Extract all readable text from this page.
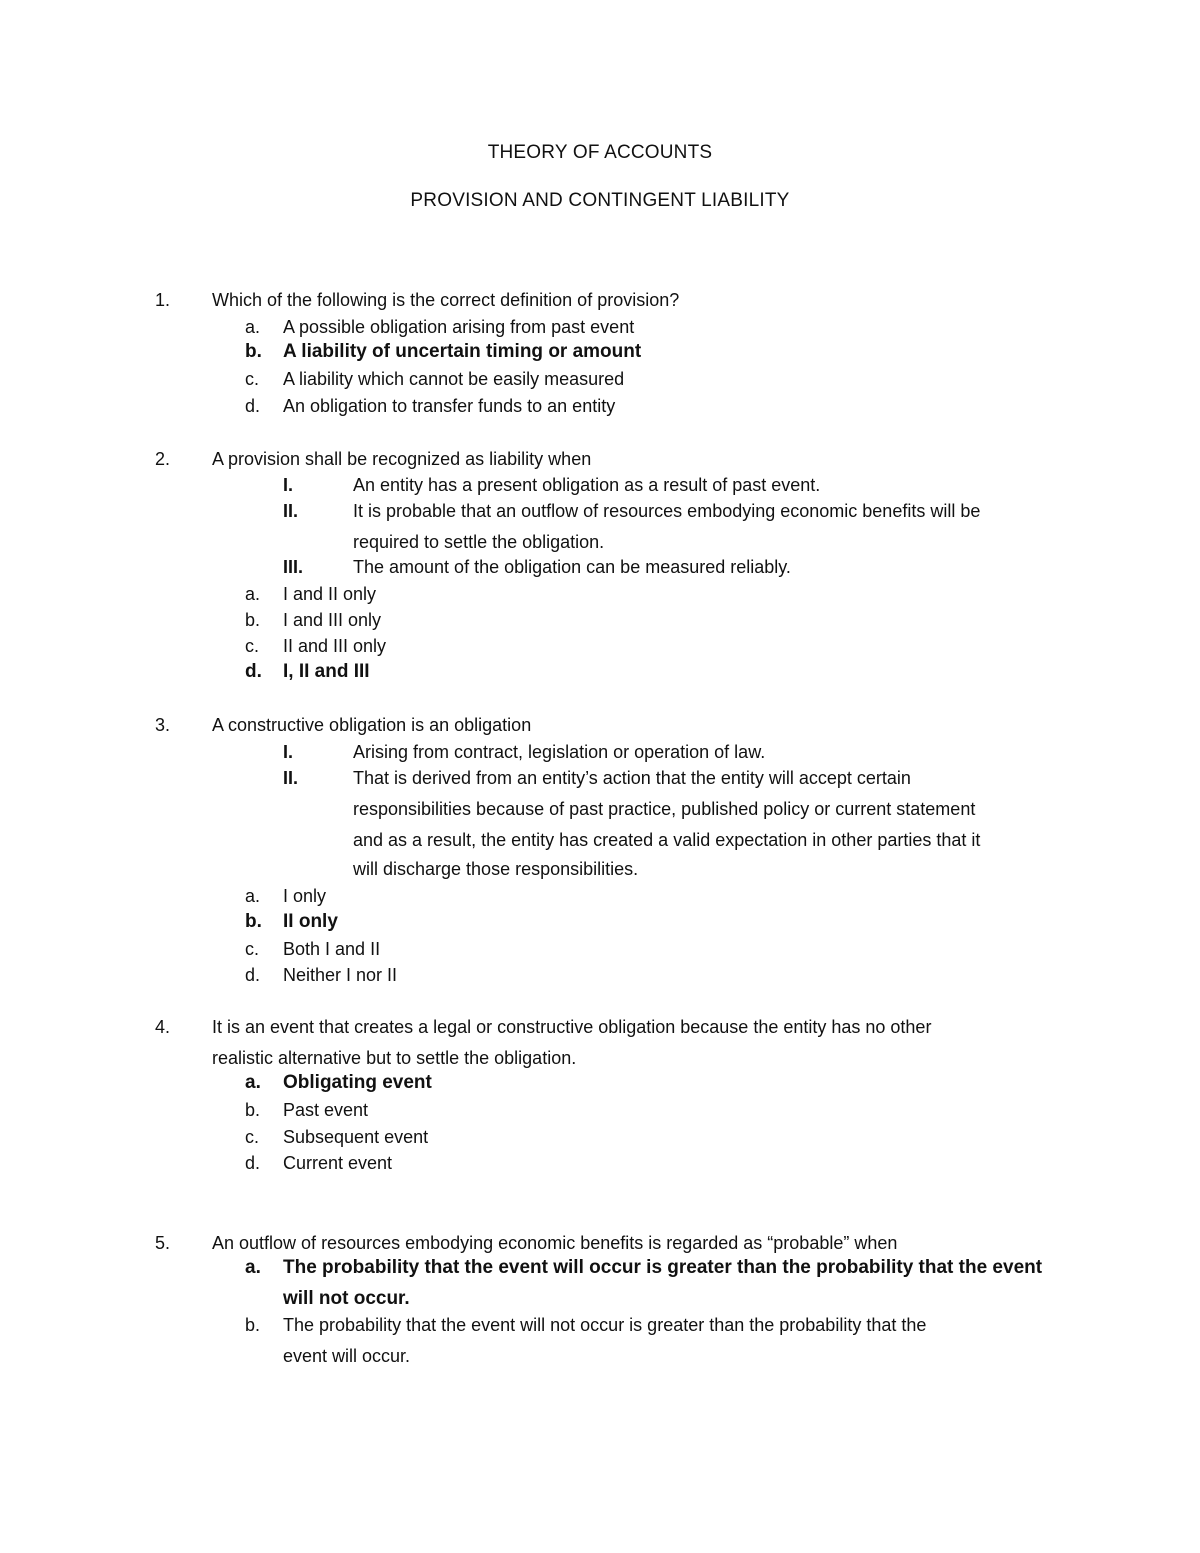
THEORY OF ACCOUNTS
PROVISION AND CONTINGENT LIABILITY
1.	Which of the following is the correct definition of provision?
a. A possible obligation arising from past event
b. A liability of uncertain timing or amount
c. A liability which cannot be easily measured
d. An obligation to transfer funds to an entity
2.	A provision shall be recognized as liability when
I.	An entity has a present obligation as a result of past event.
II.	It is probable that an outflow of resources embodying economic benefits will be
required to settle the obligation.
III.	The amount of the obligation can be measured reliably.
a. I and II only
b. I and III only
c. II and III only
d. I, II and III
3.	A constructive obligation is an obligation
I.	Arising from contract, legislation or operation of law.
II.	That is derived from an entity’s action that the entity will accept certain
responsibilities because of past practice, published policy or current statement
and as a result, the entity has created a valid expectation in other parties that it
will discharge those responsibilities.
a. I only
b. II only
c. Both I and II
d. Neither I nor II
4.	It is an event that creates a legal or constructive obligation because the entity has no other
realistic alternative but to settle the obligation.
a. Obligating event
b. Past event
c. Subsequent event
d. Current event
5.	An outflow of resources embodying economic benefits is regarded as “probable” when
a. The probability that the event will occur is greater than the probability that the event
will not occur.
b. The probability that the event will not occur is greater than the probability that the
event will occur.
